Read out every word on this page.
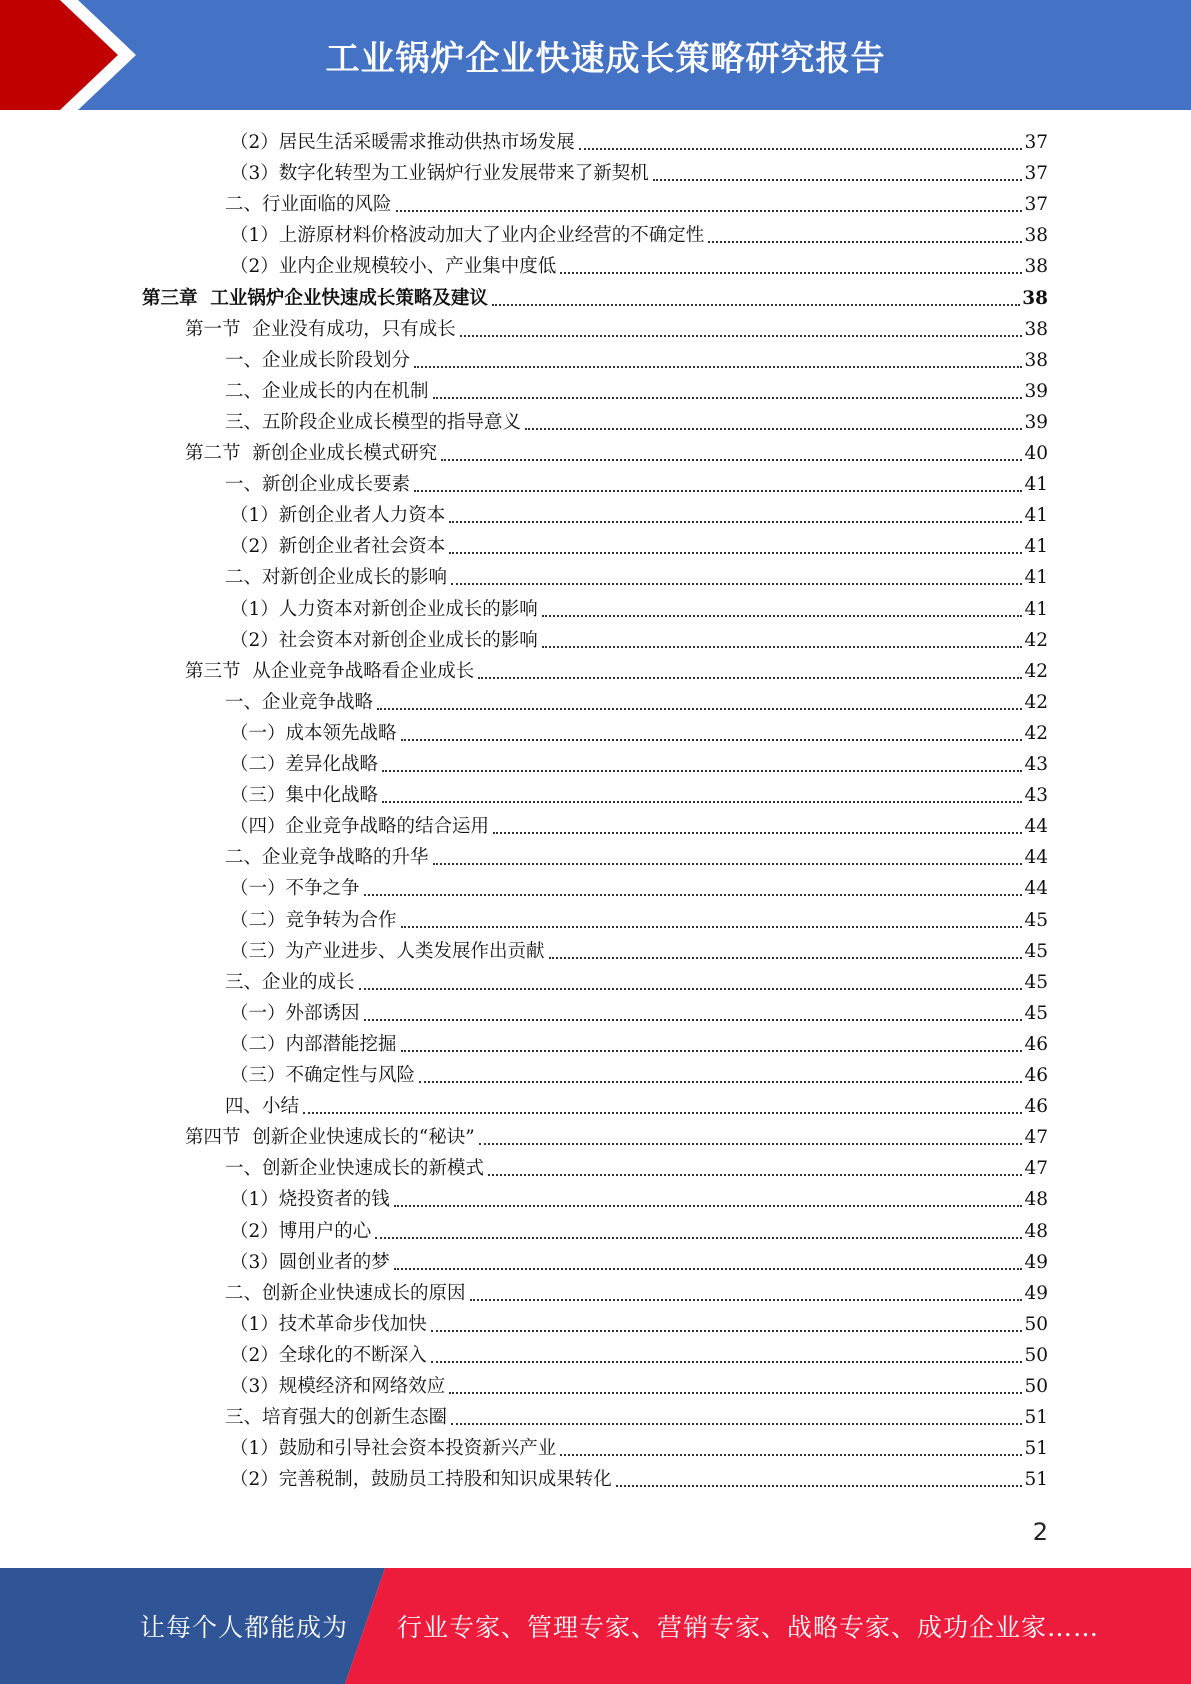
工业锅炉企业快速成长策略研究报告
（2）居民生活采暖需求推动供热市场发展	37
（3）数字化转型为工业锅炉行业发展带来了新契机	37
二、行业面临的风险	37
（1）上游原材料价格波动加大了业内企业经营的不确定性	38
（2）业内企业规模较小、产业集中度低	38
第三章  工业锅炉企业快速成长策略及建议	38
第一节  企业没有成功，只有成长	38
一、企业成长阶段划分	38
二、企业成长的内在机制	39
三、五阶段企业成长模型的指导意义	39
第二节  新创企业成长模式研究	40
一、新创企业成长要素	41
（1）新创企业者人力资本	41
（2）新创企业者社会资本	41
二、对新创企业成长的影响	41
（1）人力资本对新创企业成长的影响	41
（2）社会资本对新创企业成长的影响	42
第三节  从企业竞争战略看企业成长	42
一、企业竞争战略	42
（一）成本领先战略	42
（二）差异化战略	43
（三）集中化战略	43
（四）企业竞争战略的结合运用	44
二、企业竞争战略的升华	44
（一）不争之争	44
（二）竞争转为合作	45
（三）为产业进步、人类发展作出贡献	45
三、企业的成长	45
（一）外部诱因	45
（二）内部潜能挖掘	46
（三）不确定性与风险	46
四、小结	46
第四节  创新企业快速成长的“秘诀”	47
一、创新企业快速成长的新模式	47
（1）烧投资者的钱	48
（2）博用户的心	48
（3）圆创业者的梦	49
二、创新企业快速成长的原因	49
（1）技术革命步伐加快	50
（2）全球化的不断深入	50
（3）规模经济和网络效应	50
三、培育强大的创新生态圈	51
（1）鼓励和引导社会资本投资新兴产业	51
（2）完善税制，鼓励员工持股和知识成果转化	51
2
让每个人都能成为 行业专家、管理专家、营销专家、战略专家、成功企业家……
